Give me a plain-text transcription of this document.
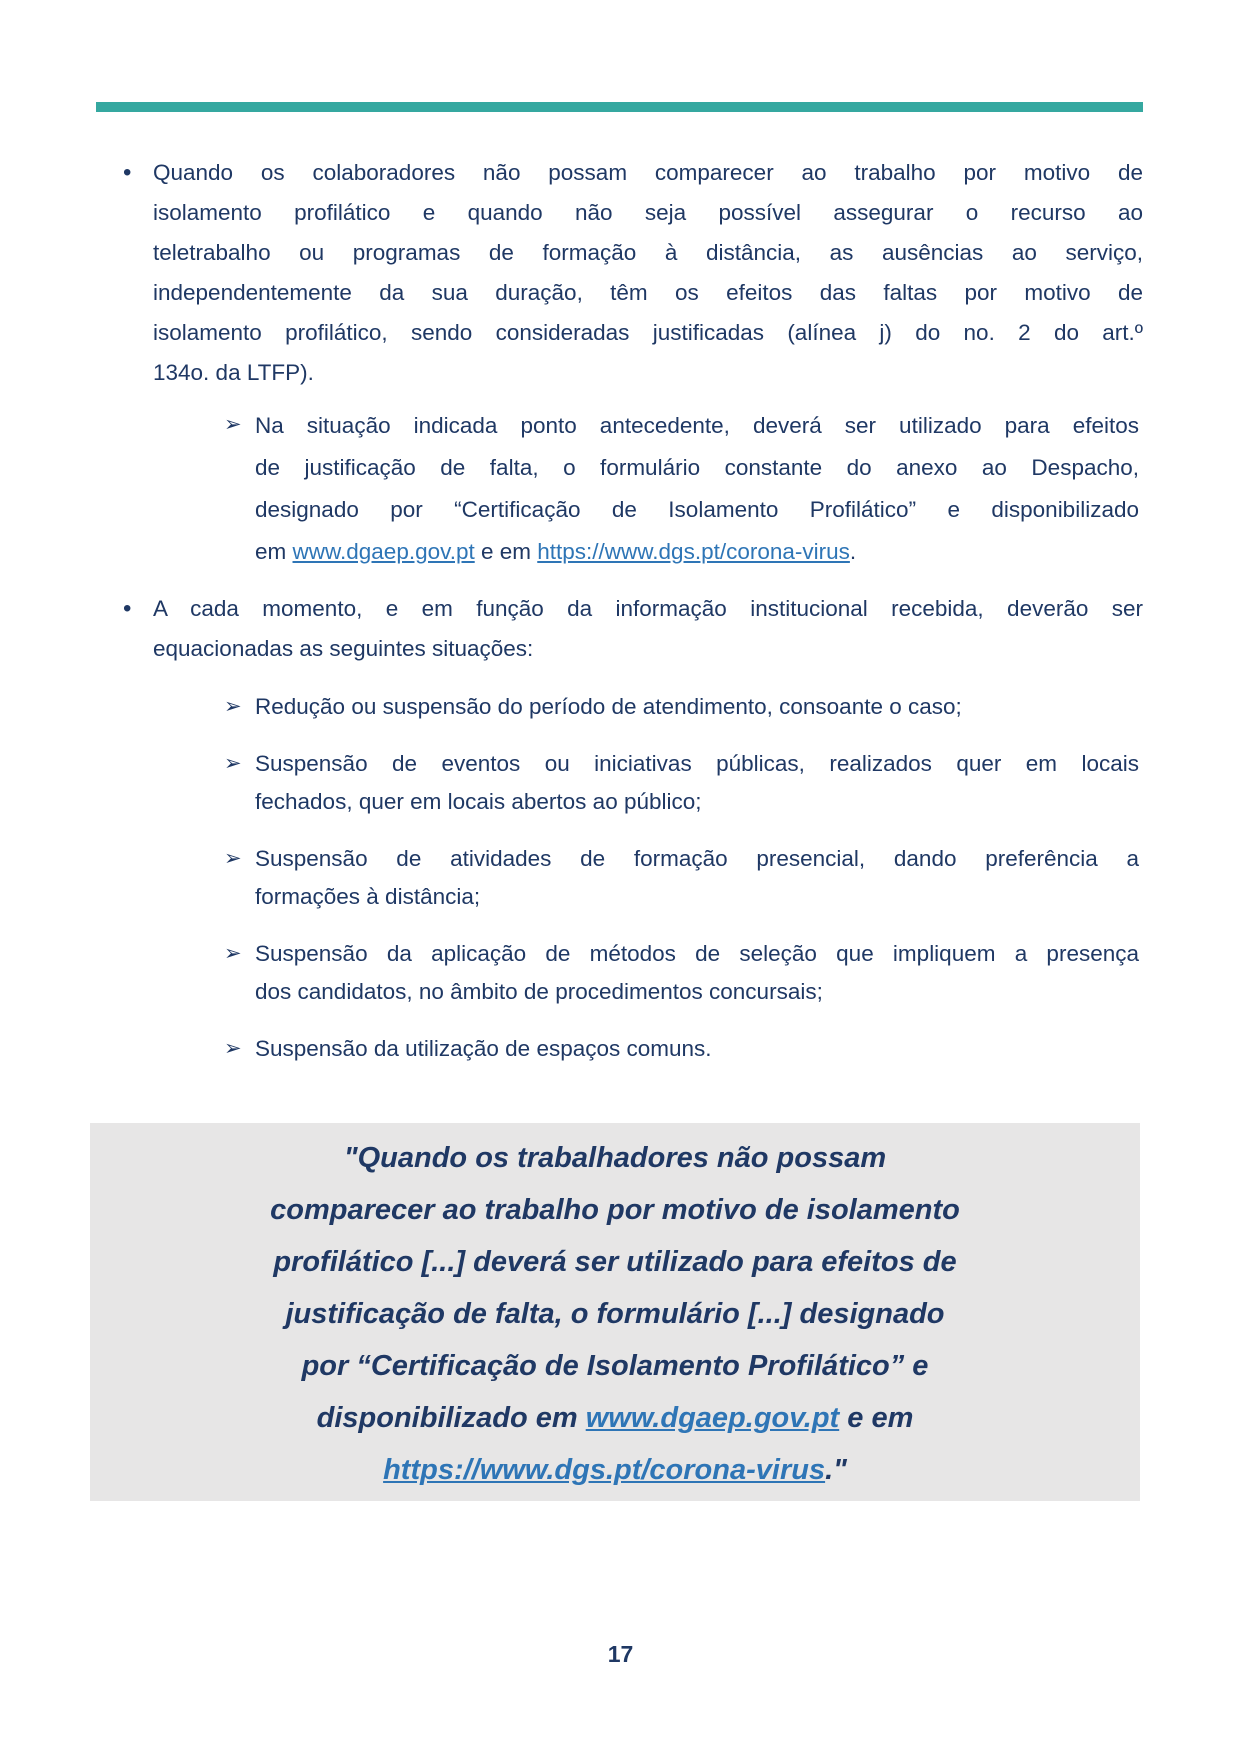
• Quando os colaboradores não possam comparecer ao trabalho por motivo de
isolamento profilático e quando não seja possível assegurar o recurso ao
teletrabalho ou programas de formação à distância, as ausências ao serviço,
independentemente da sua duração, têm os efeitos das faltas por motivo de
isolamento profilático, sendo consideradas justificadas (alínea j) do no. 2 do art.º
134o. da LTFP).
➢ Na situação indicada ponto antecedente, deverá ser utilizado para efeitos
de justificação de falta, o formulário constante do anexo ao Despacho,
designado por “Certificação de Isolamento Profilático” e disponibilizado
em www.dgaep.gov.pt e em https://www.dgs.pt/corona-virus.
• A cada momento, e em função da informação institucional recebida, deverão ser
equacionadas as seguintes situações:
➢ Redução ou suspensão do período de atendimento, consoante o caso;
➢ Suspensão de eventos ou iniciativas públicas, realizados quer em locais
fechados, quer em locais abertos ao público;
➢ Suspensão de atividades de formação presencial, dando preferência a
formações à distância;
➢ Suspensão da aplicação de métodos de seleção que impliquem a presença
dos candidatos, no âmbito de procedimentos concursais;
➢ Suspensão da utilização de espaços comuns.
"Quando os trabalhadores não possam
comparecer ao trabalho por motivo de isolamento
profilático [...] deverá ser utilizado para efeitos de
justificação de falta, o formulário [...] designado
por “Certificação de Isolamento Profilático” e
disponibilizado em www.dgaep.gov.pt e em
https://www.dgs.pt/corona-virus."
17
